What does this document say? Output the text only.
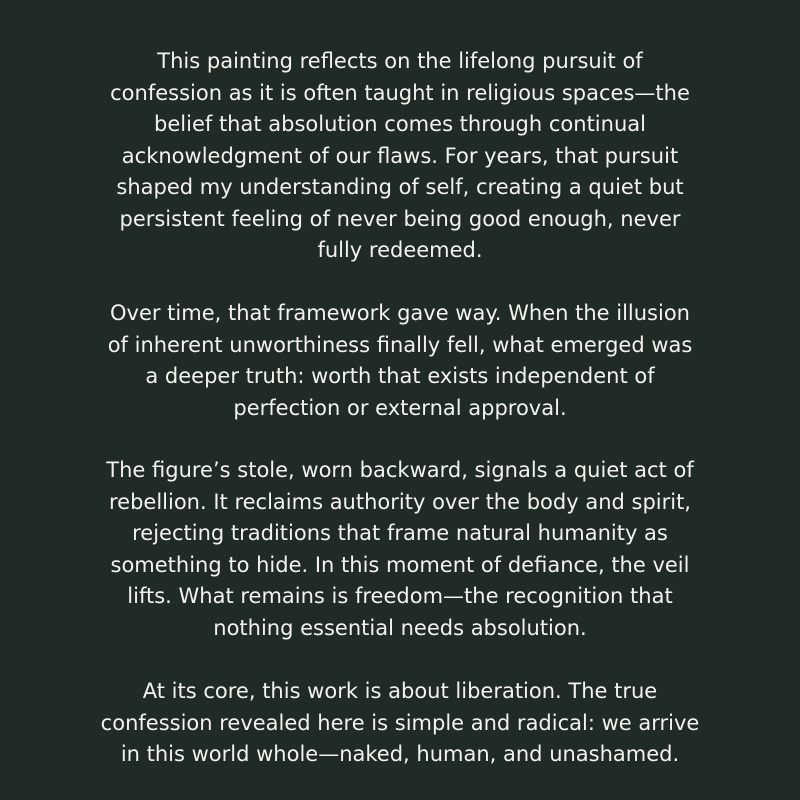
This painting reflects on the lifelong pursuit of
confession as it is often taught in religious spaces—the
belief that absolution comes through continual
acknowledgment of our flaws. For years, that pursuit
shaped my understanding of self, creating a quiet but
persistent feeling of never being good enough, never
fully redeemed.

Over time, that framework gave way. When the illusion
of inherent unworthiness finally fell, what emerged was
a deeper truth: worth that exists independent of
perfection or external approval.

The figure’s stole, worn backward, signals a quiet act of
rebellion. It reclaims authority over the body and spirit,
rejecting traditions that frame natural humanity as
something to hide. In this moment of defiance, the veil
lifts. What remains is freedom—the recognition that
nothing essential needs absolution.

At its core, this work is about liberation. The true
confession revealed here is simple and radical: we arrive
in this world whole—naked, human, and unashamed.
